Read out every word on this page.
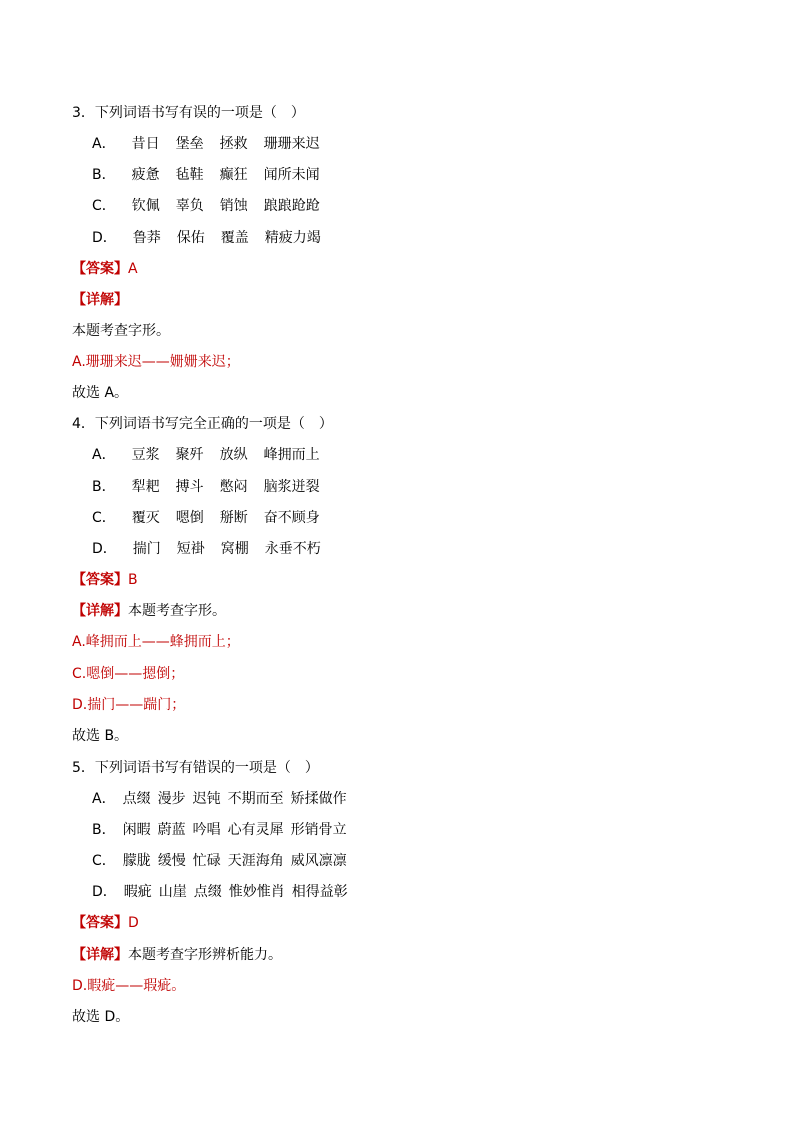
3．下列词语书写有误的一项是（　）
A． 昔日 堡垒 拯救 珊珊来迟
B． 疲惫 毡鞋 癫狂 闻所未闻
C． 钦佩 辜负 销蚀 踉踉跄跄
D． 鲁莽 保佑 覆盖 精疲力竭
【答案】A
【详解】
本题考查字形。
A.珊珊来迟——姗姗来迟；
故选 A。
4．下列词语书写完全正确的一项是（　）
A． 豆浆 聚歼 放纵 峰拥而上
B． 犁耙 搏斗 憋闷 脑浆迸裂
C． 覆灭 嗯倒 掰断 奋不顾身
D． 揣门 短褂 窝棚 永垂不朽
【答案】B
【详解】本题考查字形。
A.峰拥而上——蜂拥而上；
C.嗯倒——摁倒；
D.揣门——踹门；
故选 B。
5．下列词语书写有错误的一项是（　）
A． 点缀 漫步 迟钝 不期而至 矫揉做作
B． 闲暇 蔚蓝 吟唱 心有灵犀 形销骨立
C． 朦胧 缓慢 忙碌 天涯海角 威风凛凛
D． 暇疵 山崖 点缀 惟妙惟肖 相得益彰
【答案】D
【详解】本题考查字形辨析能力。
D.暇疵——瑕疵。
故选 D。
